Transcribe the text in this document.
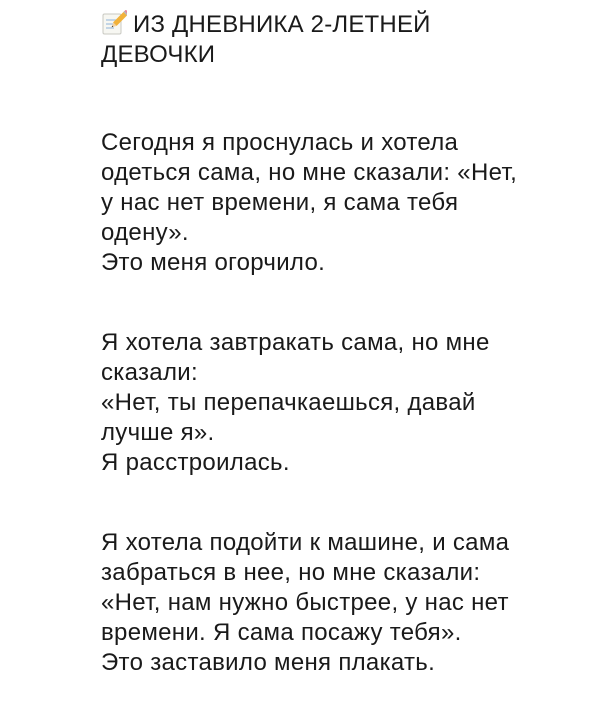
ИЗ ДНЕВНИКА 2-ЛЕТНЕЙ
ДЕВОЧКИ

Сегодня я проснулась и хотела
одеться сама, но мне сказали: «Нет,
у нас нет времени, я сама тебя
одену».
Это меня огорчило.

Я хотела завтракать сама, но мне
сказали:
«Нет, ты перепачкаешься, давай
лучше я».
Я расстроилась.

Я хотела подойти к машине, и сама
забраться в нее, но мне сказали:
«Нет, нам нужно быстрее, у нас нет
времени. Я сама посажу тебя».
Это заставило меня плакать.
